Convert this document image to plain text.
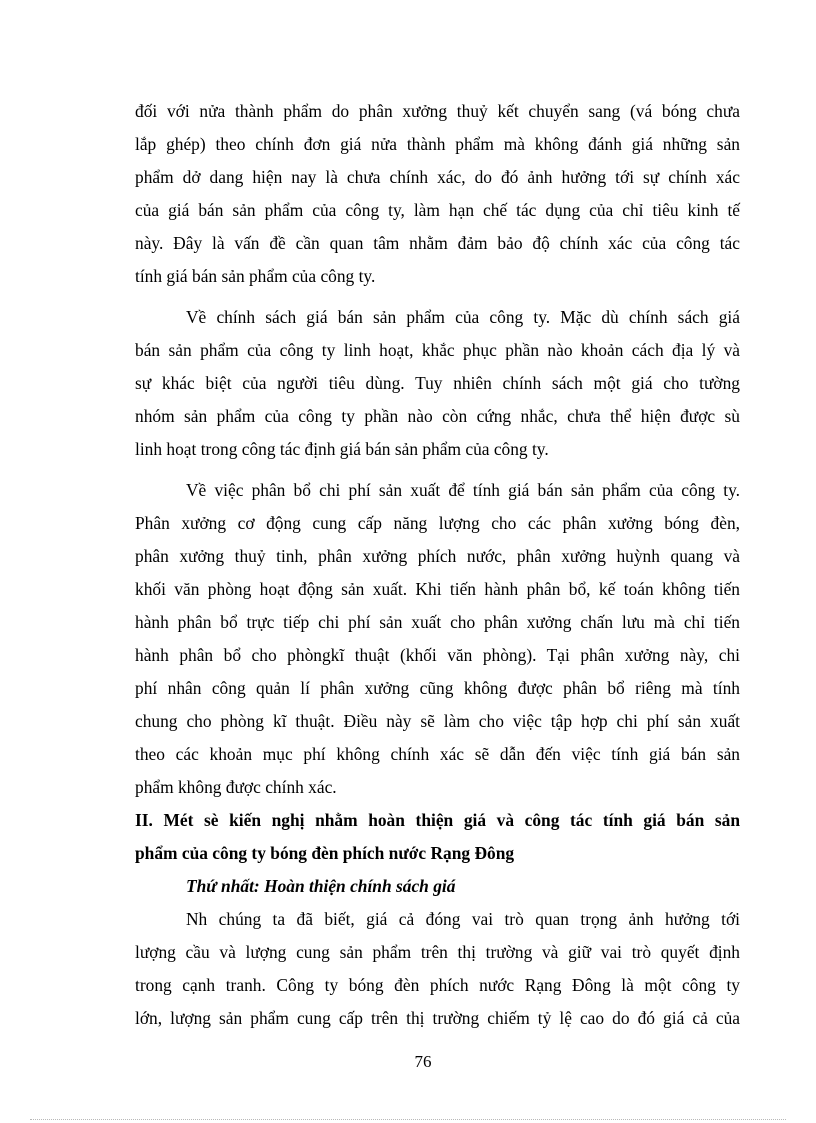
đối với nửa thành phẩm do phân xưởng thuỷ kết chuyển sang (vá bóng chưa
lắp ghép) theo chính đơn giá nửa thành phẩm mà không đánh giá những sản
phẩm dở dang hiện nay là chưa chính xác, do đó ảnh hưởng tới sự chính xác
của giá bán sản phẩm của công ty, làm hạn chế tác dụng của chỉ tiêu kinh tế
này. Đây là vấn đề cần quan tâm nhằm đảm bảo độ chính xác của công tác
tính giá bán sản phẩm của công ty.
Về chính sách giá bán sản phẩm của công ty. Mặc dù chính sách giá
bán sản phẩm của công ty linh hoạt, khắc phục phần nào khoản cách địa lý và
sự khác biệt của người tiêu dùng. Tuy nhiên chính sách một giá cho tường
nhóm sản phẩm của công ty phần nào còn cứng nhắc, chưa thể hiện được sù
linh hoạt trong công tác định giá bán sản phẩm của công ty.
Về việc phân bổ chi phí sản xuất để tính giá bán sản phẩm của công ty.
Phân xưởng cơ động cung cấp năng lượng cho các phân xưởng bóng đèn,
phân xưởng thuỷ tinh, phân xưởng phích nước, phân xưởng huỳnh quang và
khối văn phòng hoạt động sản xuất. Khi tiến hành phân bổ, kế toán không tiến
hành phân bổ trực tiếp chi phí sản xuất cho phân xưởng chấn lưu mà chỉ tiến
hành phân bổ cho phòngkĩ thuật (khối văn phòng). Tại phân xưởng này, chi
phí nhân công quản lí phân xưởng cũng không được phân bổ riêng mà tính
chung cho phòng kĩ thuật. Điều này sẽ làm cho việc tập hợp chi phí sản xuất
theo các khoản mục phí không chính xác sẽ dẫn đến việc tính giá bán sản
phẩm không được chính xác.
II. Mét sè kiến nghị nhằm hoàn thiện giá và công tác tính giá bán sản
phẩm của công ty bóng đèn phích nước Rạng Đông
Thứ nhất: Hoàn thiện chính sách giá
Nh chúng ta đã biết, giá cả đóng vai trò quan trọng ảnh hưởng tới
lượng cầu và lượng cung sản phẩm trên thị trường và giữ vai trò quyết định
trong cạnh tranh. Công ty bóng đèn phích nước Rạng Đông là một công ty
lớn, lượng sản phẩm cung cấp trên thị trường chiếm tỷ lệ cao do đó giá cả của
76
